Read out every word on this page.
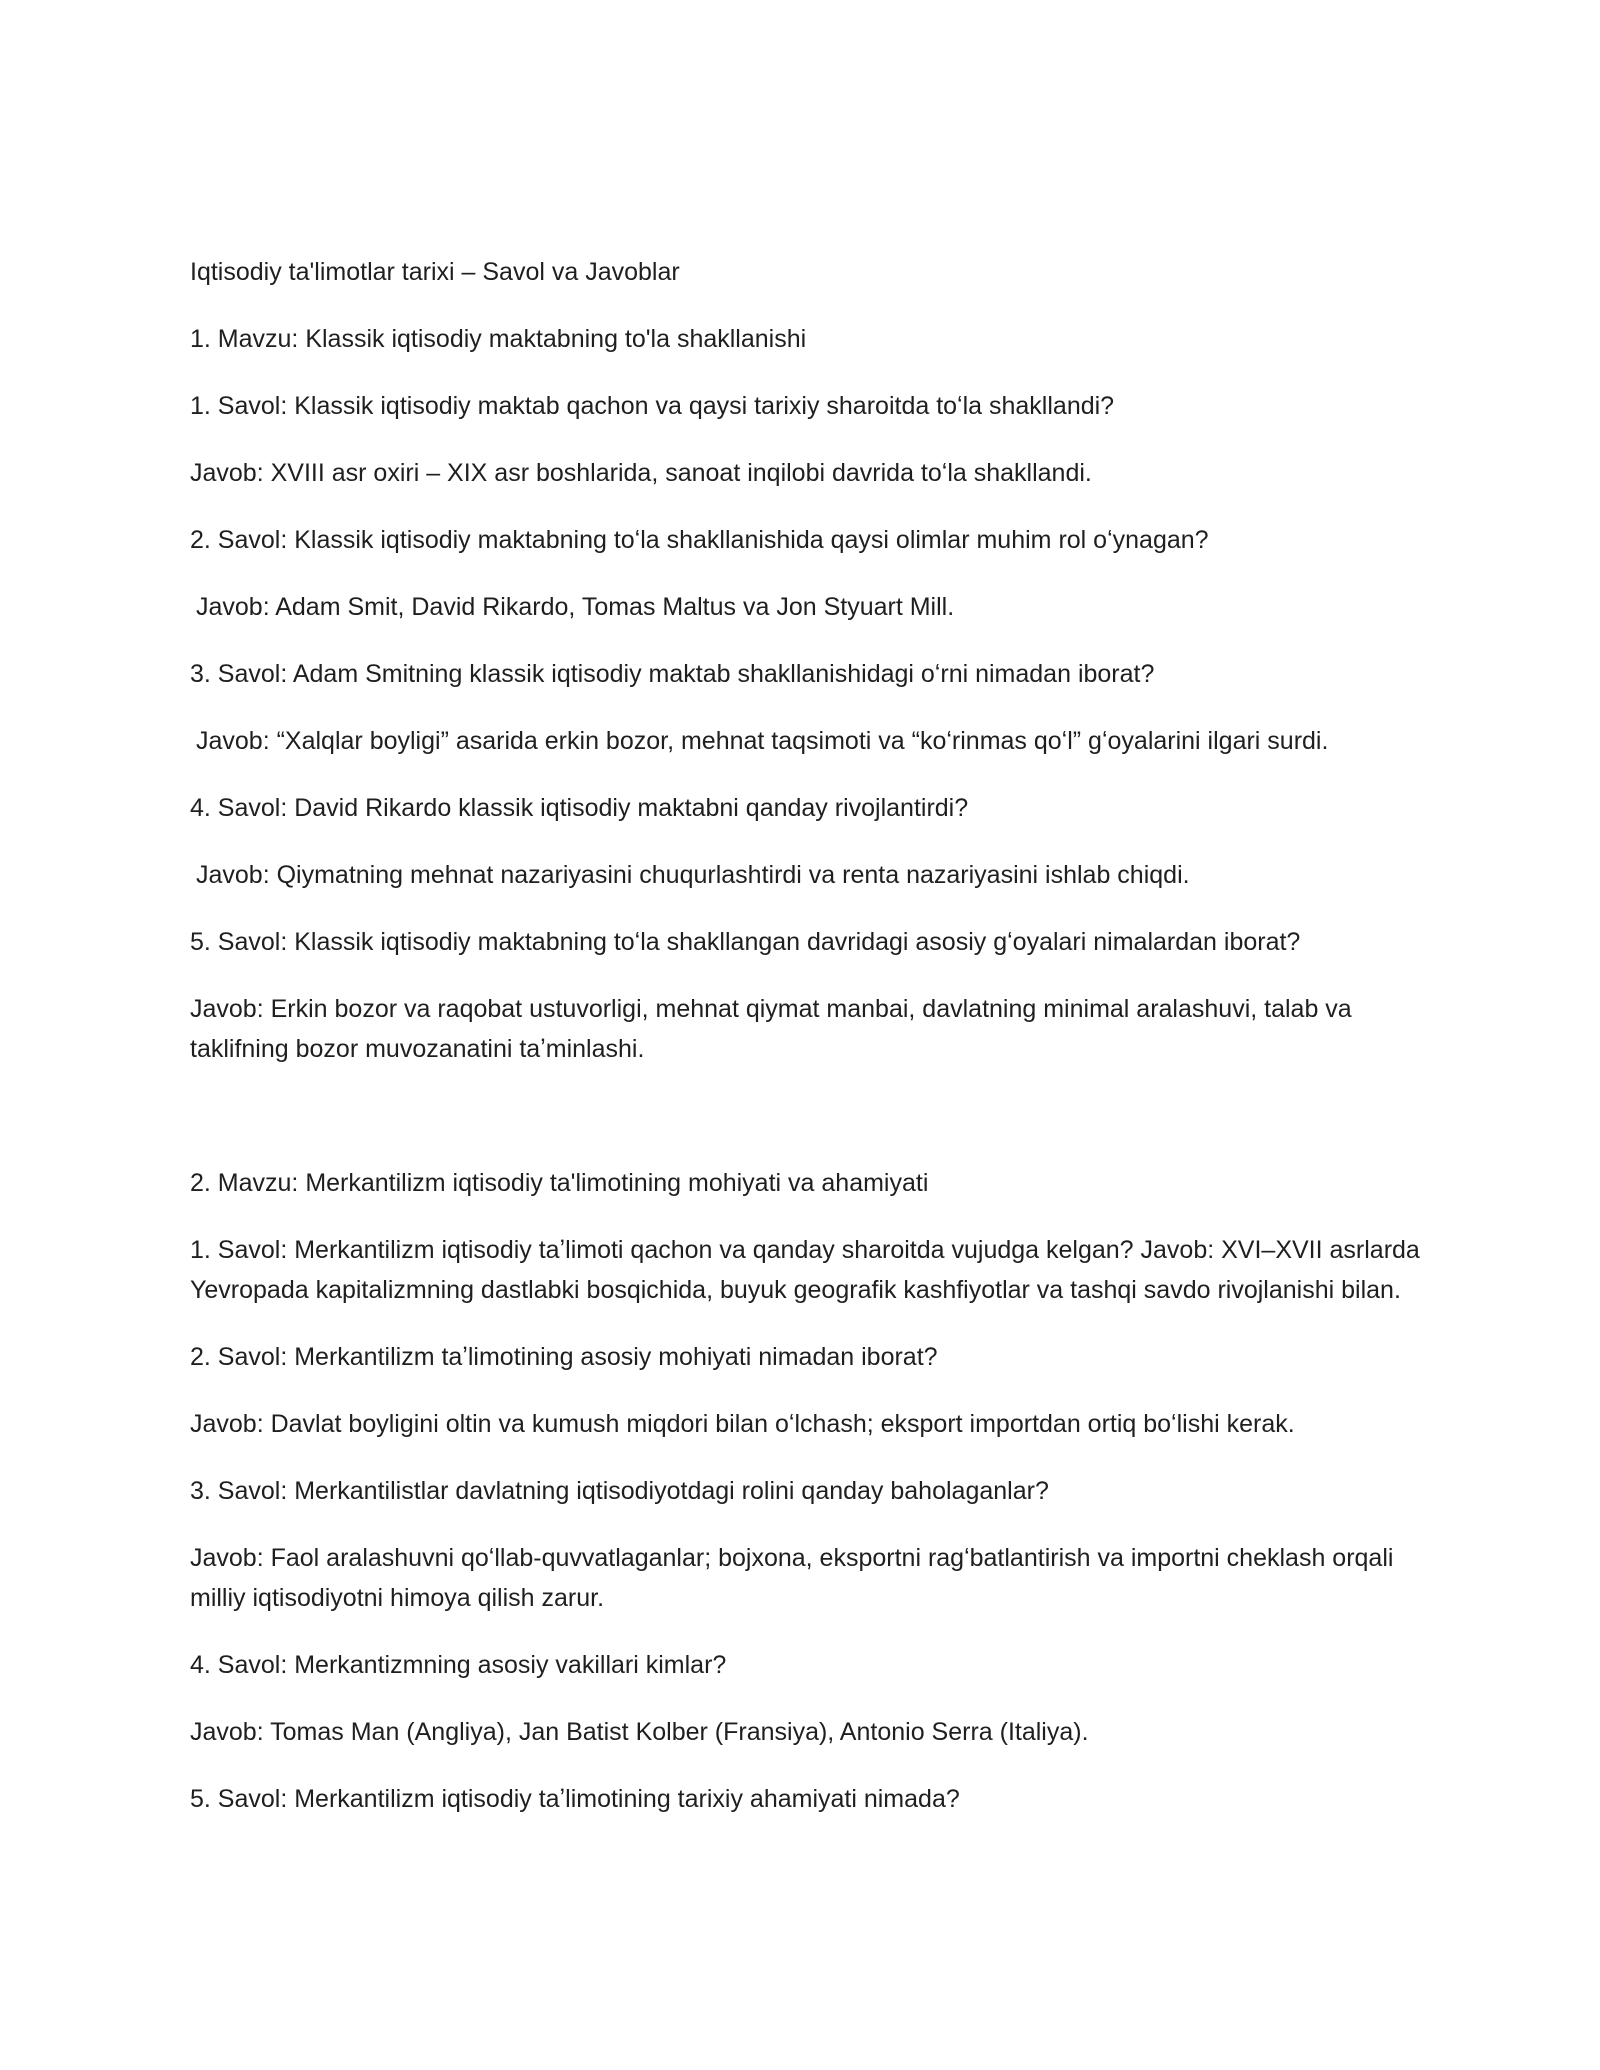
Iqtisodiy ta'limotlar tarixi – Savol va Javoblar

1. Mavzu: Klassik iqtisodiy maktabning to'la shakllanishi

1. Savol: Klassik iqtisodiy maktab qachon va qaysi tarixiy sharoitda toʻla shakllandi?

Javob: XVIII asr oxiri – XIX asr boshlarida, sanoat inqilobi davrida toʻla shakllandi.

2. Savol: Klassik iqtisodiy maktabning toʻla shakllanishida qaysi olimlar muhim rol oʻynagan?

Javob: Adam Smit, David Rikardo, Tomas Maltus va Jon Styuart Mill.

3. Savol: Adam Smitning klassik iqtisodiy maktab shakllanishidagi oʻrni nimadan iborat?

Javob: “Xalqlar boyligi” asarida erkin bozor, mehnat taqsimoti va “koʻrinmas qoʻl” gʻoyalarini ilgari surdi.

4. Savol: David Rikardo klassik iqtisodiy maktabni qanday rivojlantirdi?

Javob: Qiymatning mehnat nazariyasini chuqurlashtirdi va renta nazariyasini ishlab chiqdi.

5. Savol: Klassik iqtisodiy maktabning toʻla shakllangan davridagi asosiy gʻoyalari nimalardan iborat?

Javob: Erkin bozor va raqobat ustuvorligi, mehnat qiymat manbai, davlatning minimal aralashuvi, talab va taklifning bozor muvozanatini taʼminlashi.

2. Mavzu: Merkantilizm iqtisodiy ta'limotining mohiyati va ahamiyati

1. Savol: Merkantilizm iqtisodiy taʼlimoti qachon va qanday sharoitda vujudga kelgan? Javob: XVI–XVII asrlarda Yevropada kapitalizmning dastlabki bosqichida, buyuk geografik kashfiyotlar va tashqi savdo rivojlanishi bilan.

2. Savol: Merkantilizm taʼlimotining asosiy mohiyati nimadan iborat?

Javob: Davlat boyligini oltin va kumush miqdori bilan oʻlchash; eksport importdan ortiq boʻlishi kerak.

3. Savol: Merkantilistlar davlatning iqtisodiyotdagi rolini qanday baholaganlar?

Javob: Faol aralashuvni qoʻllab-quvvatlaganlar; bojxona, eksportni ragʻbatlantirish va importni cheklash orqali milliy iqtisodiyotni himoya qilish zarur.

4. Savol: Merkantizmning asosiy vakillari kimlar?

Javob: Tomas Man (Angliya), Jan Batist Kolber (Fransiya), Antonio Serra (Italiya).

5. Savol: Merkantilizm iqtisodiy taʼlimotining tarixiy ahamiyati nimada?
